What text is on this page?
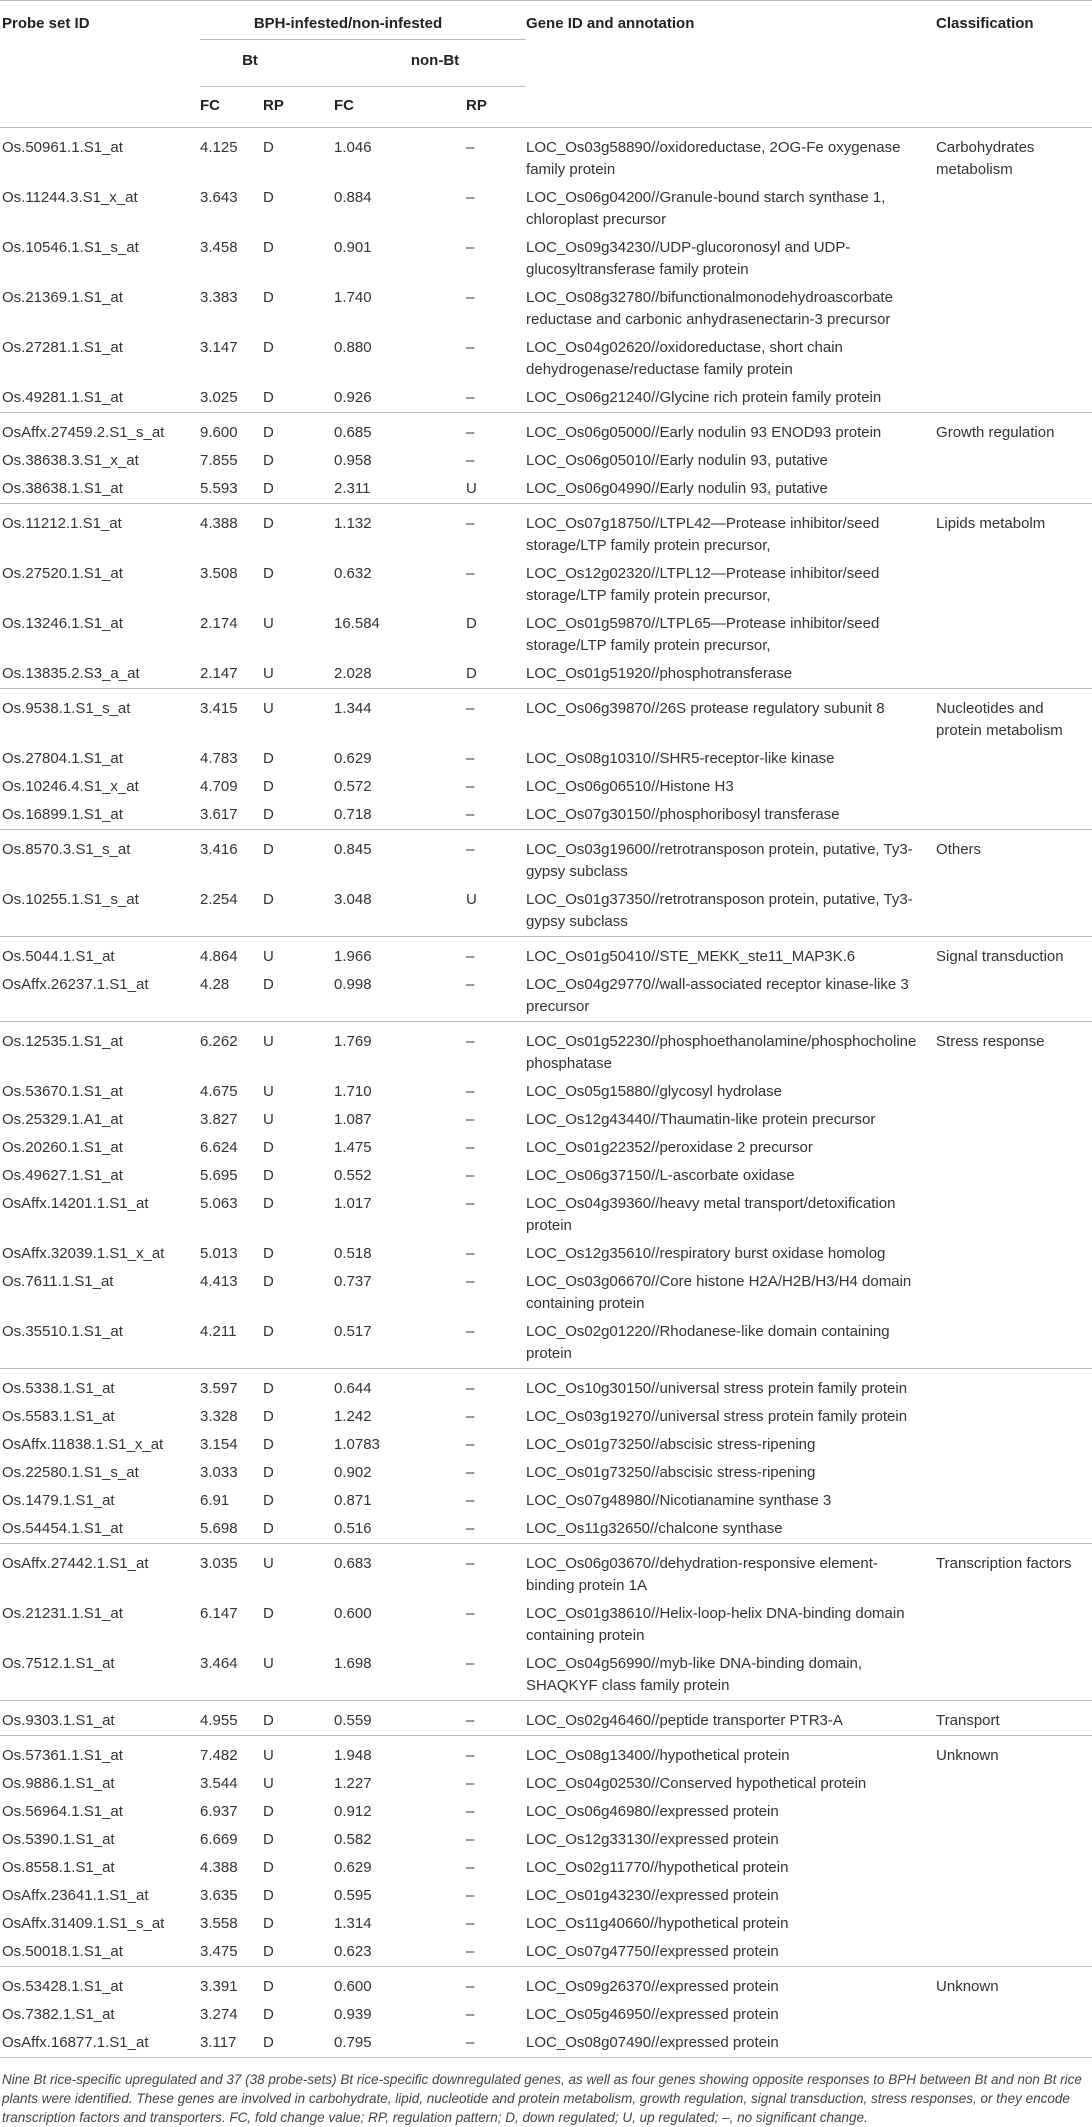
Probe set ID	BPH-infested/non-infested				Gene ID and annotation	Classification
	Bt		non-Bt			
	FC	RP	FC	RP		
Os.50961.1.S1_at	4.125	D	1.046	–	LOC_Os03g58890//oxidoreductase, 2OG-Fe oxygenase family protein	Carbohydrates metabolism
Os.11244.3.S1_x_at	3.643	D	0.884	–	LOC_Os06g04200//Granule-bound starch synthase 1, chloroplast precursor	
Os.10546.1.S1_s_at	3.458	D	0.901	–	LOC_Os09g34230//UDP-glucoronosyl and UDP-glucosyltransferase family protein	
Os.21369.1.S1_at	3.383	D	1.740	–	LOC_Os08g32780//bifunctionalmonodehydroascorbate reductase and carbonic anhydrasenectarin-3 precursor	
Os.27281.1.S1_at	3.147	D	0.880	–	LOC_Os04g02620//oxidoreductase, short chain dehydrogenase/reductase family protein	
Os.49281.1.S1_at	3.025	D	0.926	–	LOC_Os06g21240//Glycine rich protein family protein	
OsAffx.27459.2.S1_s_at	9.600	D	0.685	–	LOC_Os06g05000//Early nodulin 93 ENOD93 protein	Growth regulation
Os.38638.3.S1_x_at	7.855	D	0.958	–	LOC_Os06g05010//Early nodulin 93, putative	
Os.38638.1.S1_at	5.593	D	2.311	U	LOC_Os06g04990//Early nodulin 93, putative	
Os.11212.1.S1_at	4.388	D	1.132	–	LOC_Os07g18750//LTPL42—Protease inhibitor/seed storage/LTP family protein precursor,	Lipids metabolm
Os.27520.1.S1_at	3.508	D	0.632	–	LOC_Os12g02320//LTPL12—Protease inhibitor/seed storage/LTP family protein precursor,	
Os.13246.1.S1_at	2.174	U	16.584	D	LOC_Os01g59870//LTPL65—Protease inhibitor/seed storage/LTP family protein precursor,	
Os.13835.2.S3_a_at	2.147	U	2.028	D	LOC_Os01g51920//phosphotransferase	
Os.9538.1.S1_s_at	3.415	U	1.344	–	LOC_Os06g39870//26S protease regulatory subunit 8	Nucleotides and protein metabolism
Os.27804.1.S1_at	4.783	D	0.629	–	LOC_Os08g10310//SHR5-receptor-like kinase	
Os.10246.4.S1_x_at	4.709	D	0.572	–	LOC_Os06g06510//Histone H3	
Os.16899.1.S1_at	3.617	D	0.718	–	LOC_Os07g30150//phosphoribosyl transferase	
Os.8570.3.S1_s_at	3.416	D	0.845	–	LOC_Os03g19600//retrotransposon protein, putative, Ty3-gypsy subclass	Others
Os.10255.1.S1_s_at	2.254	D	3.048	U	LOC_Os01g37350//retrotransposon protein, putative, Ty3-gypsy subclass	
Os.5044.1.S1_at	4.864	U	1.966	–	LOC_Os01g50410//STE_MEKK_ste11_MAP3K.6	Signal transduction
OsAffx.26237.1.S1_at	4.28	D	0.998	–	LOC_Os04g29770//wall-associated receptor kinase-like 3 precursor	
Os.12535.1.S1_at	6.262	U	1.769	–	LOC_Os01g52230//phosphoethanolamine/phosphocholine phosphatase	Stress response
Os.53670.1.S1_at	4.675	U	1.710	–	LOC_Os05g15880//glycosyl hydrolase	
Os.25329.1.A1_at	3.827	U	1.087	–	LOC_Os12g43440//Thaumatin-like protein precursor	
Os.20260.1.S1_at	6.624	D	1.475	–	LOC_Os01g22352//peroxidase 2 precursor	
Os.49627.1.S1_at	5.695	D	0.552	–	LOC_Os06g37150//L-ascorbate oxidase	
OsAffx.14201.1.S1_at	5.063	D	1.017	–	LOC_Os04g39360//heavy metal transport/detoxification protein	
OsAffx.32039.1.S1_x_at	5.013	D	0.518	–	LOC_Os12g35610//respiratory burst oxidase homolog	
Os.7611.1.S1_at	4.413	D	0.737	–	LOC_Os03g06670//Core histone H2A/H2B/H3/H4 domain containing protein	
Os.35510.1.S1_at	4.211	D	0.517	–	LOC_Os02g01220//Rhodanese-like domain containing protein	
Os.5338.1.S1_at	3.597	D	0.644	–	LOC_Os10g30150//universal stress protein family protein	
Os.5583.1.S1_at	3.328	D	1.242	–	LOC_Os03g19270//universal stress protein family protein	
OsAffx.11838.1.S1_x_at	3.154	D	1.0783	–	LOC_Os01g73250//abscisic stress-ripening	
Os.22580.1.S1_s_at	3.033	D	0.902	–	LOC_Os01g73250//abscisic stress-ripening	
Os.1479.1.S1_at	6.91	D	0.871	–	LOC_Os07g48980//Nicotianamine synthase 3	
Os.54454.1.S1_at	5.698	D	0.516	–	LOC_Os11g32650//chalcone synthase	
OsAffx.27442.1.S1_at	3.035	U	0.683	–	LOC_Os06g03670//dehydration-responsive element-binding protein 1A	Transcription factors
Os.21231.1.S1_at	6.147	D	0.600	–	LOC_Os01g38610//Helix-loop-helix DNA-binding domain containing protein	
Os.7512.1.S1_at	3.464	U	1.698	–	LOC_Os04g56990//myb-like DNA-binding domain, SHAQKYF class family protein	
Os.9303.1.S1_at	4.955	D	0.559	–	LOC_Os02g46460//peptide transporter PTR3-A	Transport
Os.57361.1.S1_at	7.482	U	1.948	–	LOC_Os08g13400//hypothetical protein	Unknown
Os.9886.1.S1_at	3.544	U	1.227	–	LOC_Os04g02530//Conserved hypothetical protein	
Os.56964.1.S1_at	6.937	D	0.912	–	LOC_Os06g46980//expressed protein	
Os.5390.1.S1_at	6.669	D	0.582	–	LOC_Os12g33130//expressed protein	
Os.8558.1.S1_at	4.388	D	0.629	–	LOC_Os02g11770//hypothetical protein	
OsAffx.23641.1.S1_at	3.635	D	0.595	–	LOC_Os01g43230//expressed protein	
OsAffx.31409.1.S1_s_at	3.558	D	1.314	–	LOC_Os11g40660//hypothetical protein	
Os.50018.1.S1_at	3.475	D	0.623	–	LOC_Os07g47750//expressed protein	
Os.53428.1.S1_at	3.391	D	0.600	–	LOC_Os09g26370//expressed protein	Unknown
Os.7382.1.S1_at	3.274	D	0.939	–	LOC_Os05g46950//expressed protein	
OsAffx.16877.1.S1_at	3.117	D	0.795	–	LOC_Os08g07490//expressed protein	
Nine Bt rice-specific upregulated and 37 (38 probe-sets) Bt rice-specific downregulated genes, as well as four genes showing opposite responses to BPH between Bt and non Bt rice plants were identified. These genes are involved in carbohydrate, lipid, nucleotide and protein metabolism, growth regulation, signal transduction, stress responses, or they encode transcription factors and transporters. FC, fold change value; RP, regulation pattern; D, down regulated; U, up regulated; –, no significant change.
